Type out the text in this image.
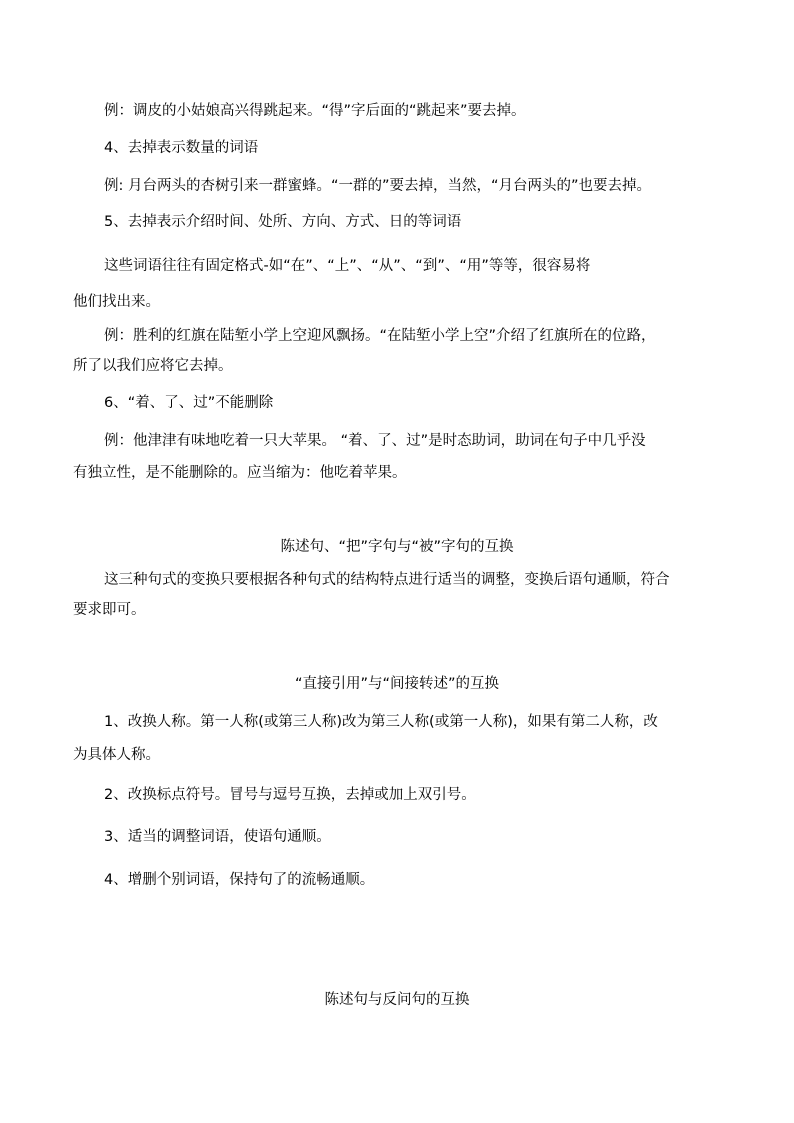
例：调皮的小姑娘高兴得跳起来。“得”字后面的“跳起来”要去掉。
4、去掉表示数量的词语
例: 月台两头的杏树引来一群蜜蜂。“一群的”要去掉，当然，“月台两头的”也要去掉。
5、去掉表示介绍时间、处所、方向、方式、日的等词语
这些词语往往有固定格式-如“在”、“上”、“从”、“到”、“用”等等，很容易将
他们找出来。
例：胜利的红旗在陆堑小学上空迎风飘扬。“在陆堑小学上空”介绍了红旗所在的位路，
所了以我们应将它去掉。
6、“着、了、过”不能删除
例：他津津有味地吃着一只大苹果。 “着、了、过”是时态助词，助词在句子中几乎没
有独立性，是不能删除的。应当缩为：他吃着苹果。
陈述句、“把”字句与“被”字句的互换
这三种句式的变换只要根据各种句式的结构特点进行适当的调整，变换后语句通顺，符合
要求即可。
“直接引用”与“间接转述”的互换
1、改换人称。第一人称(或第三人称)改为第三人称(或第一人称)，如果有第二人称，改
为具体人称。
2、改换标点符号。冒号与逗号互换，去掉或加上双引号。
3、适当的调整词语，使语句通顺。
4、增删个别词语，保持句了的流畅通顺。
陈述句与反问句的互换
